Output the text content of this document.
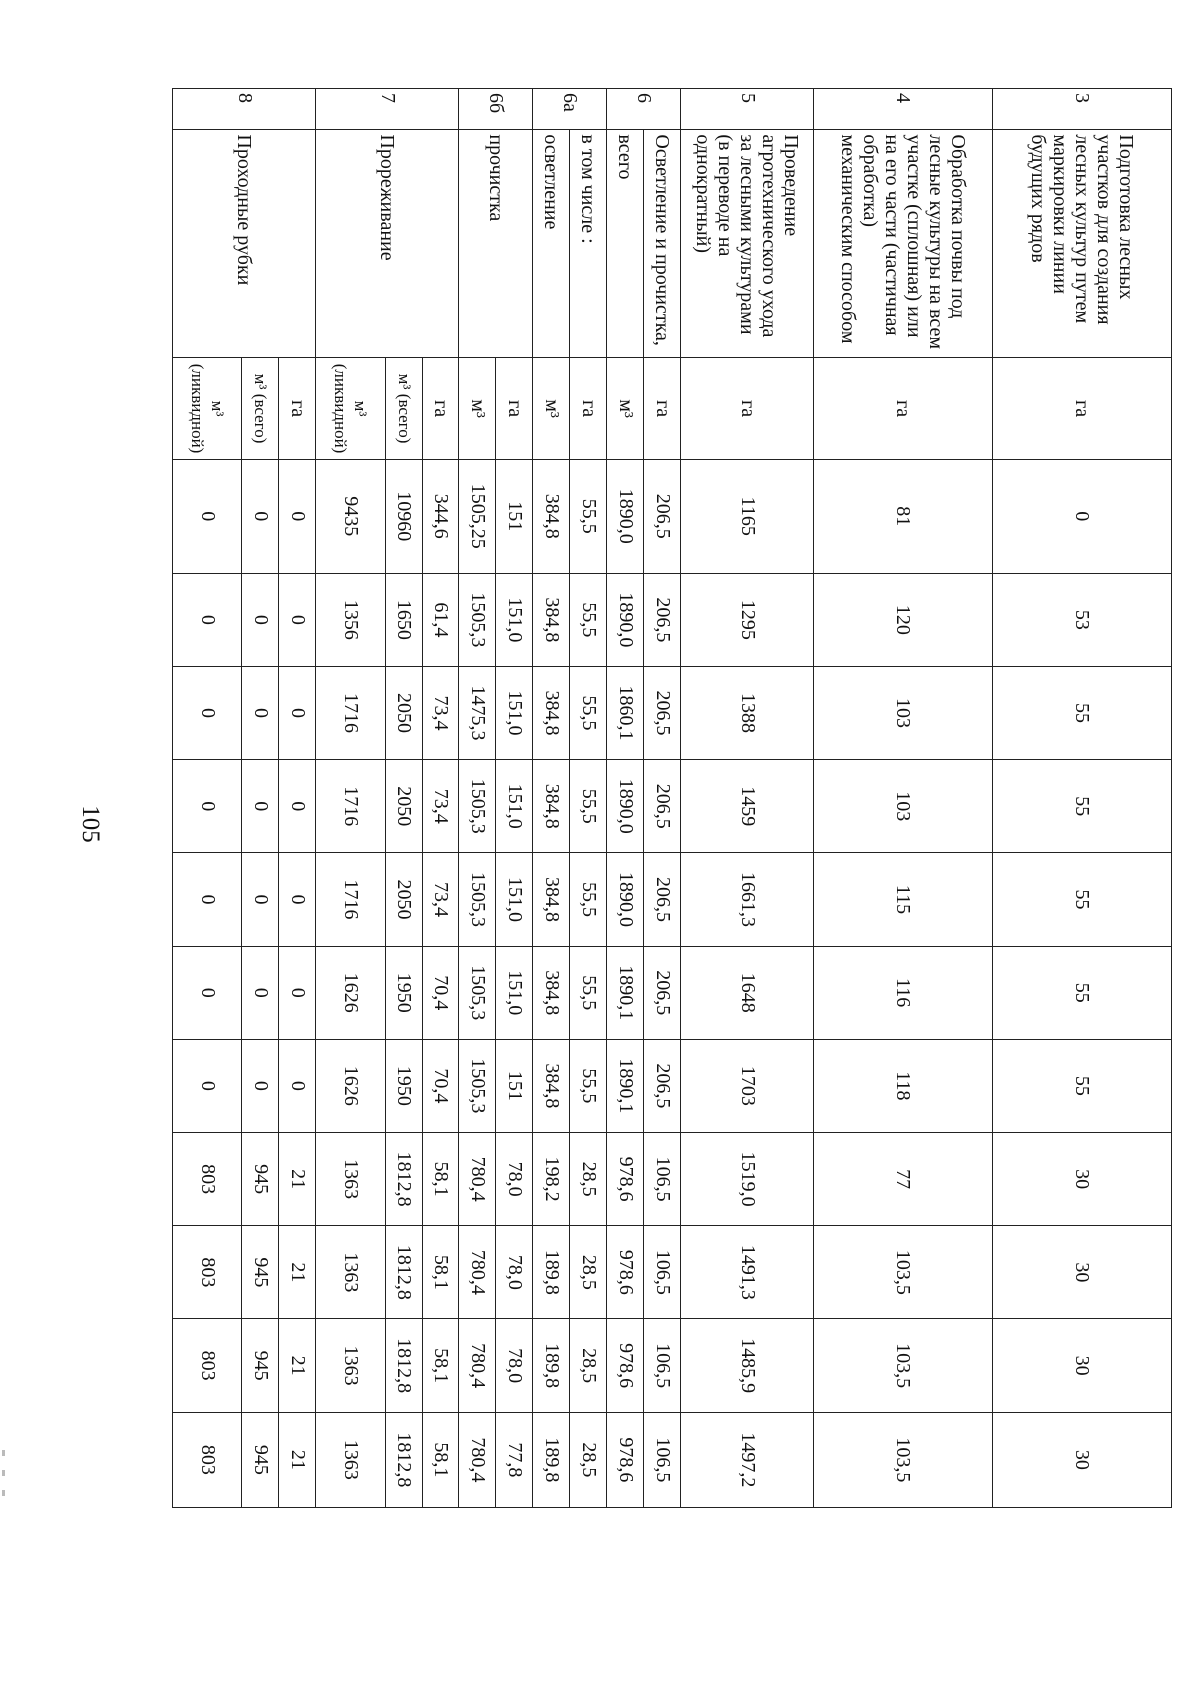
105
3	Подготовка лесных участков для создания лесных культур путем маркировки линии будущих рядов	га	0	53	55	55	55	55	55	30	30	30	30
4	Обработка почвы под лесные культуры на всем участке (сплошная) или на его части (частичная обработка) механическим способом	га	81	120	103	103	115	116	118	77	103,5	103,5	103,5
5	Проведение агротехнического ухода за лесными культурами (в переводе на однократный)	га	1165	1295	1388	1459	1661,3	1648	1703	1519,0	1491,3	1485,9	1497,2
6	Осветление и прочистка,	га	206,5	206,5	206,5	206,5	206,5	206,5	206,5	106,5	106,5	106,5	106,5
	всего	м³	1890,0	1890,0	1860,1	1890,0	1890,0	1890,1	1890,1	978,6	978,6	978,6	978,6
6а	в том числе :	га	55,5	55,5	55,5	55,5	55,5	55,5	55,5	28,5	28,5	28,5	28,5
	осветление	м³	384,8	384,8	384,8	384,8	384,8	384,8	384,8	198,2	189,8	189,8	189,8
6б	прочистка	га	151	151,0	151,0	151,0	151,0	151,0	151	78,0	78,0	78,0	77,8
		м³	1505,25	1505,3	1475,3	1505,3	1505,3	1505,3	1505,3	780,4	780,4	780,4	780,4
7	Прореживание	га	344,6	61,4	73,4	73,4	73,4	70,4	70,4	58,1	58,1	58,1	58,1
		м³ (всего)	10960	1650	2050	2050	2050	1950	1950	1812,8	1812,8	1812,8	1812,8
		м³ (ликвидной)	9435	1356	1716	1716	1716	1626	1626	1363	1363	1363	1363
8	Проходные рубки	га	0	0	0	0	0	0	0	21	21	21	21
		м³ (всего)	0	0	0	0	0	0	0	945	945	945	945
		м³ (ликвидной)	0	0	0	0	0	0	0	803	803	803	803
